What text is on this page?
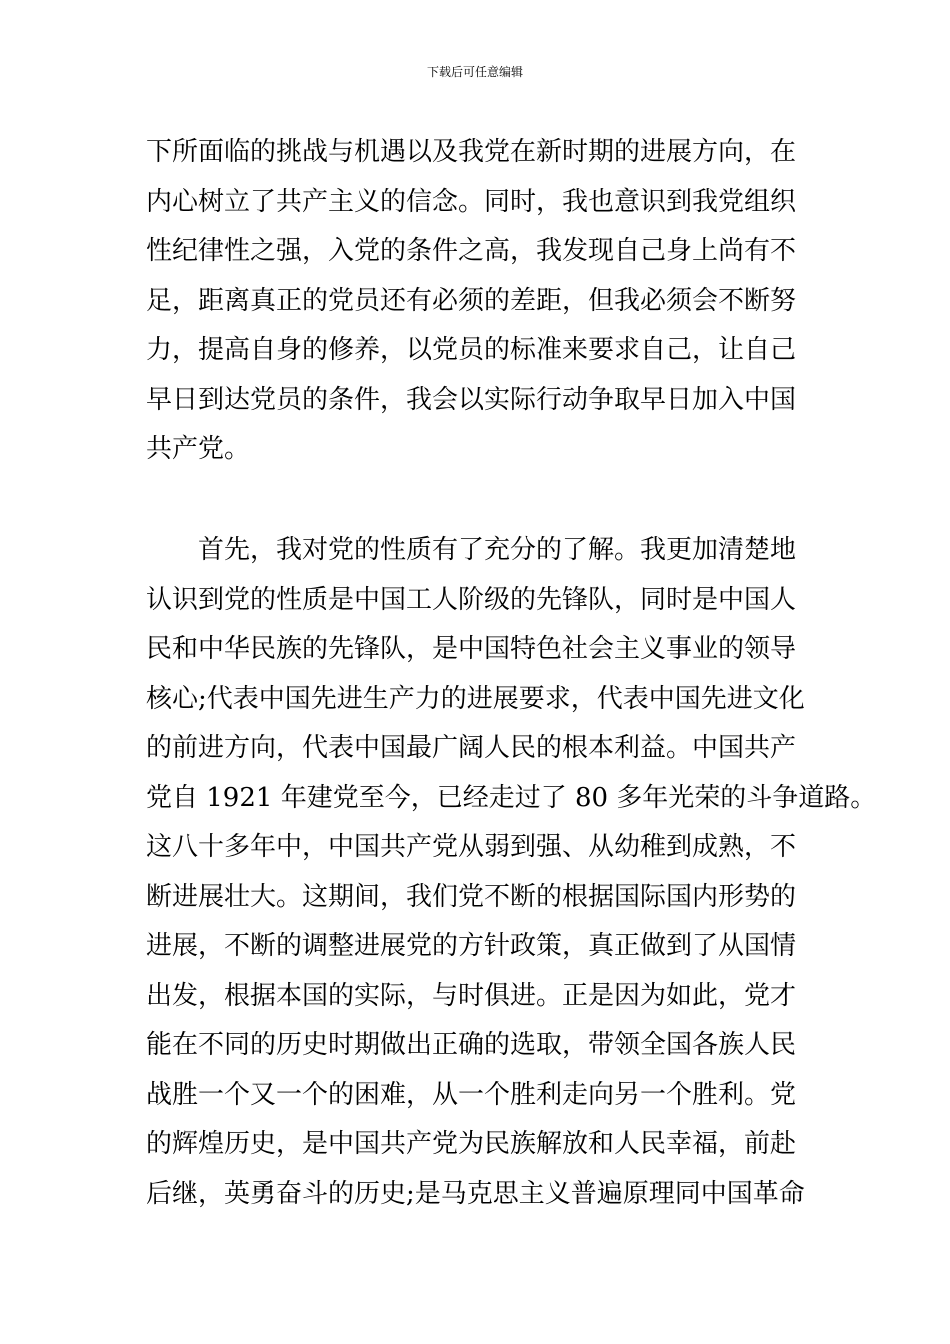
下载后可任意编辑
下所面临的挑战与机遇以及我党在新时期的进展方向，在
内心树立了共产主义的信念。同时，我也意识到我党组织
性纪律性之强，入党的条件之高，我发现自己身上尚有不
足，距离真正的党员还有必须的差距，但我必须会不断努
力，提高自身的修养，以党员的标准来要求自己，让自己
早日到达党员的条件，我会以实际行动争取早日加入中国
共产党。
　　首先，我对党的性质有了充分的了解。我更加清楚地
认识到党的性质是中国工人阶级的先锋队，同时是中国人
民和中华民族的先锋队，是中国特色社会主义事业的领导
核心;代表中国先进生产力的进展要求，代表中国先进文化
的前进方向，代表中国最广阔人民的根本利益。中国共产
党自 1921 年建党至今，已经走过了 80 多年光荣的斗争道路。
这八十多年中，中国共产党从弱到强、从幼稚到成熟，不
断进展壮大。这期间，我们党不断的根据国际国内形势的
进展，不断的调整进展党的方针政策，真正做到了从国情
出发，根据本国的实际，与时俱进。正是因为如此，党才
能在不同的历史时期做出正确的选取，带领全国各族人民
战胜一个又一个的困难，从一个胜利走向另一个胜利。党
的辉煌历史，是中国共产党为民族解放和人民幸福，前赴
后继，英勇奋斗的历史;是马克思主义普遍原理同中国革命
